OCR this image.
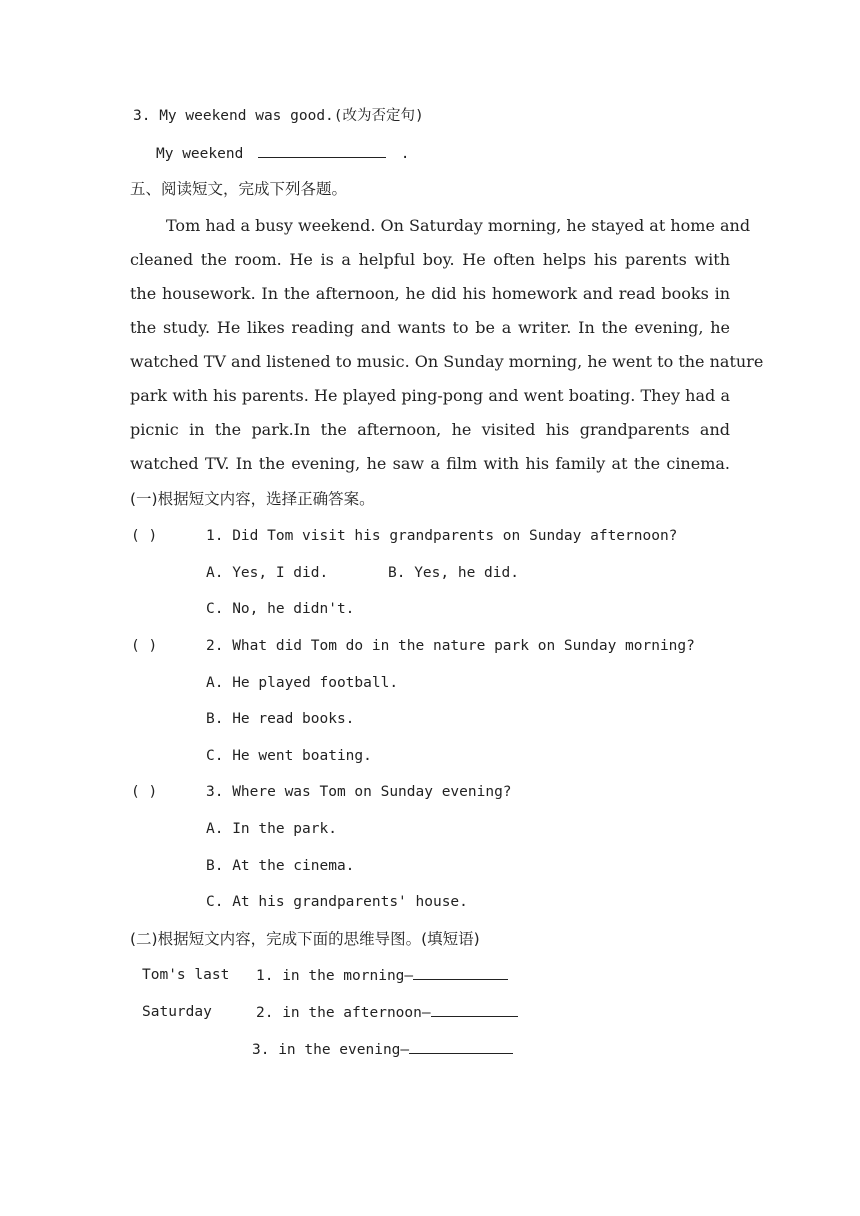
3. My weekend was good.(改为否定句)
My weekend	.
五、阅读短文，完成下列各题。
Tom had a busy weekend. On Saturday morning, he stayed at home and
cleaned the room. He is a helpful boy. He often helps his parents with
the housework. In the afternoon, he did his homework and read books in
the study. He likes reading and wants to be a writer. In the evening, he
watched TV and listened to music. On Sunday morning, he went to the nature
park with his parents. He played ping-pong and went boating. They had a
picnic in the park.In the afternoon, he visited his grandparents and
watched TV. In the evening, he saw a film with his family at the cinema.
(一)根据短文内容，选择正确答案。
( )	1. Did Tom visit his grandparents on Sunday afternoon?
A. Yes, I did.	B. Yes, he did.
C. No, he didn't.
( )	2. What did Tom do in the nature park on Sunday morning?
A. He played football.
B. He read books.
C. He went boating.
( )	3. Where was Tom on Sunday evening?
A. In the park.
B. At the cinema.
C. At his grandparents' house.
(二)根据短文内容，完成下面的思维导图。(填短语)
Tom's last
Saturday
1. in the morning—
2. in the afternoon—
3. in the evening—
